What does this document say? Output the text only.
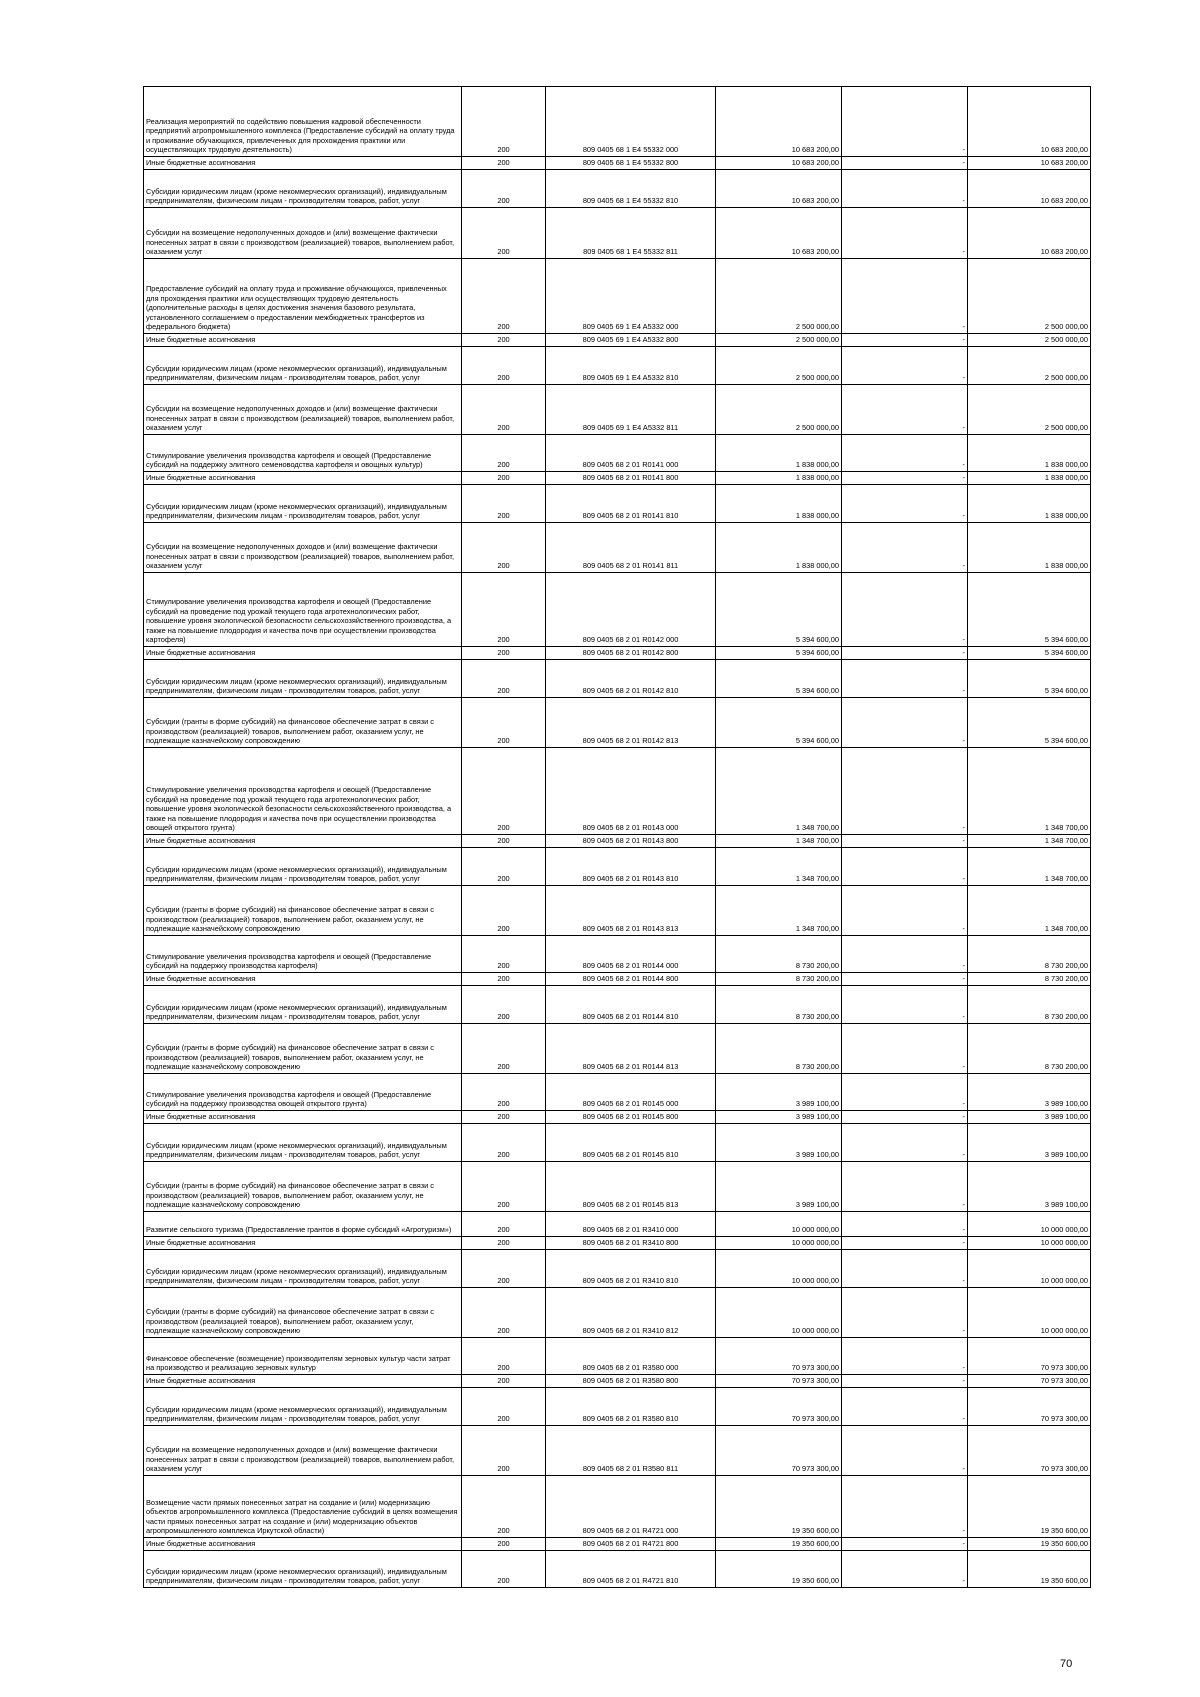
Реализация мероприятий по содействию повышения кадровой обеспеченности предприятий агропромышленного комплекса (Предоставление субсидий на оплату труда и проживание обучающихся, привлеченных для прохождения практики или осуществляющих трудовую деятельность)	200	809 0405 68 1 E4 55332 000	10 683 200,00	-	10 683 200,00
Иные бюджетные ассигнования	200	809 0405 68 1 E4 55332 800	10 683 200,00	-	10 683 200,00
Субсидии юридическим лицам (кроме некоммерческих организаций), индивидуальным предпринимателям, физическим лицам - производителям товаров, работ, услуг	200	809 0405 68 1 E4 55332 810	10 683 200,00	-	10 683 200,00
Субсидии на возмещение недополученных доходов и (или) возмещение фактически понесенных затрат в связи с производством (реализацией) товаров, выполнением работ, оказанием услуг	200	809 0405 68 1 E4 55332 811	10 683 200,00	-	10 683 200,00
Предоставление субсидий на оплату труда и проживание обучающихся, привлеченных для прохождения практики или осуществляющих трудовую деятельность (дополнительные расходы в целях достижения значения базового результата, установленного соглашением о предоставлении межбюджетных трансфертов из федерального бюджета)	200	809 0405 69 1 E4 A5332 000	2 500 000,00	-	2 500 000,00
Иные бюджетные ассигнования	200	809 0405 69 1 E4 A5332 800	2 500 000,00	-	2 500 000,00
Субсидии юридическим лицам (кроме некоммерческих организаций), индивидуальным предпринимателям, физическим лицам - производителям товаров, работ, услуг	200	809 0405 69 1 E4 A5332 810	2 500 000,00	-	2 500 000,00
Субсидии на возмещение недополученных доходов и (или) возмещение фактически понесенных затрат в связи с производством (реализацией) товаров, выполнением работ, оказанием услуг	200	809 0405 69 1 E4 A5332 811	2 500 000,00	-	2 500 000,00
Стимулирование увеличения производства картофеля и овощей (Предоставление субсидий на поддержку элитного семеноводства картофеля и овощных культур)	200	809 0405 68 2 01 R0141 000	1 838 000,00	-	1 838 000,00
Иные бюджетные ассигнования	200	809 0405 68 2 01 R0141 800	1 838 000,00	-	1 838 000,00
Субсидии юридическим лицам (кроме некоммерческих организаций), индивидуальным предпринимателям, физическим лицам - производителям товаров, работ, услуг	200	809 0405 68 2 01 R0141 810	1 838 000,00	-	1 838 000,00
Субсидии на возмещение недополученных доходов и (или) возмещение фактически понесенных затрат в связи с производством (реализацией) товаров, выполнением работ, оказанием услуг	200	809 0405 68 2 01 R0141 811	1 838 000,00	-	1 838 000,00
Стимулирование увеличения производства картофеля и овощей (Предоставление субсидий на проведение под урожай текущего года агротехнологических работ, повышение уровня экологической безопасности сельскохозяйственного производства, а также на повышение плодородия и качества почв при осуществлении производства картофеля)	200	809 0405 68 2 01 R0142 000	5 394 600,00	-	5 394 600,00
Иные бюджетные ассигнования	200	809 0405 68 2 01 R0142 800	5 394 600,00	-	5 394 600,00
Субсидии юридическим лицам (кроме некоммерческих организаций), индивидуальным предпринимателям, физическим лицам - производителям товаров, работ, услуг	200	809 0405 68 2 01 R0142 810	5 394 600,00	-	5 394 600,00
Субсидии (гранты в форме субсидий) на финансовое обеспечение затрат в связи с производством (реализацией) товаров, выполнением работ, оказанием услуг, не подлежащие казначейскому сопровождению	200	809 0405 68 2 01 R0142 813	5 394 600,00	-	5 394 600,00
Стимулирование увеличения производства картофеля и овощей (Предоставление субсидий на проведение под урожай текущего года агротехнологических работ, повышение уровня экологической безопасности сельскохозяйственного производства, а также на повышение плодородия и качества почв при осуществлении производства овощей открытого грунта)	200	809 0405 68 2 01 R0143 000	1 348 700,00	-	1 348 700,00
Иные бюджетные ассигнования	200	809 0405 68 2 01 R0143 800	1 348 700,00	-	1 348 700,00
Субсидии юридическим лицам (кроме некоммерческих организаций), индивидуальным предпринимателям, физическим лицам - производителям товаров, работ, услуг	200	809 0405 68 2 01 R0143 810	1 348 700,00	-	1 348 700,00
Субсидии (гранты в форме субсидий) на финансовое обеспечение затрат в связи с производством (реализацией) товаров, выполнением работ, оказанием услуг, не подлежащие казначейскому сопровождению	200	809 0405 68 2 01 R0143 813	1 348 700,00	-	1 348 700,00
Стимулирование увеличения производства картофеля и овощей (Предоставление субсидий на поддержку производства картофеля)	200	809 0405 68 2 01 R0144 000	8 730 200,00	-	8 730 200,00
Иные бюджетные ассигнования	200	809 0405 68 2 01 R0144 800	8 730 200,00	-	8 730 200,00
Субсидии юридическим лицам (кроме некоммерческих организаций), индивидуальным предпринимателям, физическим лицам - производителям товаров, работ, услуг	200	809 0405 68 2 01 R0144 810	8 730 200,00	-	8 730 200,00
Субсидии (гранты в форме субсидий) на финансовое обеспечение затрат в связи с производством (реализацией) товаров, выполнением работ, оказанием услуг, не подлежащие казначейскому сопровождению	200	809 0405 68 2 01 R0144 813	8 730 200,00	-	8 730 200,00
Стимулирование увеличения производства картофеля и овощей (Предоставление субсидий на поддержку производства овощей открытого грунта)	200	809 0405 68 2 01 R0145 000	3 989 100,00	-	3 989 100,00
Иные бюджетные ассигнования	200	809 0405 68 2 01 R0145 800	3 989 100,00	-	3 989 100,00
Субсидии юридическим лицам (кроме некоммерческих организаций), индивидуальным предпринимателям, физическим лицам - производителям товаров, работ, услуг	200	809 0405 68 2 01 R0145 810	3 989 100,00	-	3 989 100,00
Субсидии (гранты в форме субсидий) на финансовое обеспечение затрат в связи с производством (реализацией) товаров, выполнением работ, оказанием услуг, не подлежащие казначейскому сопровождению	200	809 0405 68 2 01 R0145 813	3 989 100,00	-	3 989 100,00
Развитие сельского туризма (Предоставление грантов в форме субсидий «Агротуризм»)	200	809 0405 68 2 01 R3410 000	10 000 000,00	-	10 000 000,00
Иные бюджетные ассигнования	200	809 0405 68 2 01 R3410 800	10 000 000,00	-	10 000 000,00
Субсидии юридическим лицам (кроме некоммерческих организаций), индивидуальным предпринимателям, физическим лицам - производителям товаров, работ, услуг	200	809 0405 68 2 01 R3410 810	10 000 000,00	-	10 000 000,00
Субсидии (гранты в форме субсидий) на финансовое обеспечение затрат в связи с производством (реализацией товаров), выполнением работ, оказанием услуг, подлежащие казначейскому сопровождению	200	809 0405 68 2 01 R3410 812	10 000 000,00	-	10 000 000,00
Финансовое обеспечение (возмещение) производителям зерновых культур части затрат на производство и реализацию зерновых культур	200	809 0405 68 2 01 R3580 000	70 973 300,00	-	70 973 300,00
Иные бюджетные ассигнования	200	809 0405 68 2 01 R3580 800	70 973 300,00	-	70 973 300,00
Субсидии юридическим лицам (кроме некоммерческих организаций), индивидуальным предпринимателям, физическим лицам - производителям товаров, работ, услуг	200	809 0405 68 2 01 R3580 810	70 973 300,00	-	70 973 300,00
Субсидии на возмещение недополученных доходов и (или) возмещение фактически понесенных затрат в связи с производством (реализацией) товаров, выполнением работ, оказанием услуг	200	809 0405 68 2 01 R3580 811	70 973 300,00	-	70 973 300,00
Возмещение части прямых понесенных затрат на создание и (или) модернизацию объектов агропромышленного комплекса (Предоставление субсидий в целях возмещения части прямых понесенных затрат на создание и (или) модернизацию объектов агропромышленного комплекса Иркутской области)	200	809 0405 68 2 01 R4721 000	19 350 600,00	-	19 350 600,00
Иные бюджетные ассигнования	200	809 0405 68 2 01 R4721 800	19 350 600,00	-	19 350 600,00
Субсидии юридическим лицам (кроме некоммерческих организаций), индивидуальным предпринимателям, физическим лицам - производителям товаров, работ, услуг	200	809 0405 68 2 01 R4721 810	19 350 600,00	-	19 350 600,00
70
